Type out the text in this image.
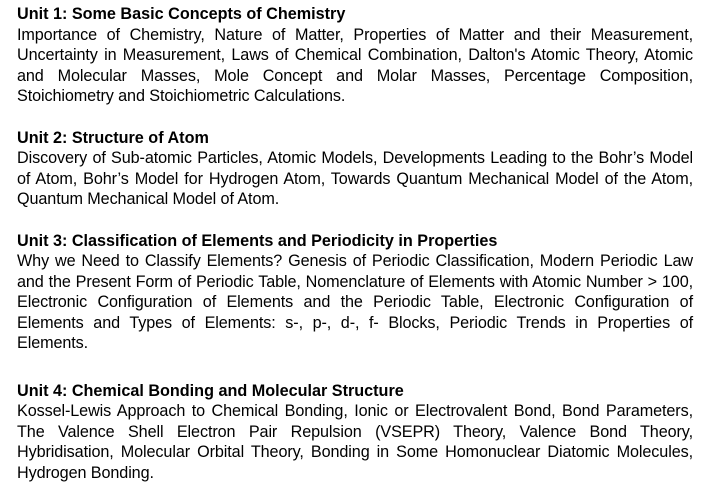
Unit 1: Some Basic Concepts of Chemistry

Importance of Chemistry, Nature of Matter, Properties of Matter and their Measurement, Uncertainty in Measurement, Laws of Chemical Combination, Dalton's Atomic Theory, Atomic and Molecular Masses, Mole Concept and Molar Masses, Percentage Composition, Stoichiometry and Stoichiometric Calculations.

Unit 2: Structure of Atom

Discovery of Sub-atomic Particles, Atomic Models, Developments Leading to the Bohr’s Model of Atom, Bohr’s Model for Hydrogen Atom, Towards Quantum Mechanical Model of the Atom, Quantum Mechanical Model of Atom.

Unit 3: Classification of Elements and Periodicity in Properties

Why we Need to Classify Elements? Genesis of Periodic Classification, Modern Periodic Law and the Present Form of Periodic Table, Nomenclature of Elements with Atomic Number > 100, Electronic Configuration of Elements and the Periodic Table, Electronic Configuration of Elements and Types of Elements: s-, p-, d-, f- Blocks, Periodic Trends in Properties of Elements.

Unit 4: Chemical Bonding and Molecular Structure

Kossel-Lewis Approach to Chemical Bonding, Ionic or Electrovalent Bond, Bond Parameters, The Valence Shell Electron Pair Repulsion (VSEPR) Theory, Valence Bond Theory, Hybridisation, Molecular Orbital Theory, Bonding in Some Homonuclear Diatomic Molecules, Hydrogen Bonding.
